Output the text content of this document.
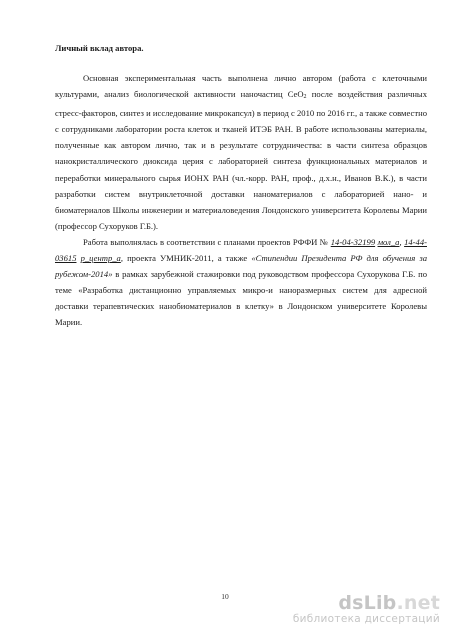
Личный вклад автора.

Основная экспериментальная часть выполнена лично автором (работа с клеточными культурами, анализ биологической активности наночастиц CeO2 после воздействия различных стресс-факторов, синтез и исследование микрокапсул) в период с 2010 по 2016 гг., а также совместно с сотрудниками лаборатории роста клеток и тканей ИТЭБ РАН. В работе использованы материалы, полученные как автором лично, так и в результате сотрудничества: в части синтеза образцов нанокристаллического диоксида церия с лабораторией синтеза функциональных материалов и переработки минерального сырья ИОНХ РАН (чл.-корр. РАН, проф., д.х.н., Иванов В.К.), в части разработки систем внутриклеточной доставки наноматериалов с лабораторией нано- и биоматериалов Школы инженерии и материаловедения Лондонского университета Королевы Марии (профессор Сухоруков Г.Б.).

Работа выполнялась в соответствии с планами проектов РФФИ № 14-04-32199 мол_а, 14-44-03615 р_центр_а, проекта УМНИК-2011, а также «Стипендии Президента РФ для обучения за рубежом-2014» в рамках зарубежной стажировки под руководством профессора Сухорукова Г.Б. по теме «Разработка дистанционно управляемых микро-и наноразмерных систем для адресной доставки терапевтических нанобиоматериалов в клетку» в Лондонском университете Королевы Марии.

10	dsLib.net
библиотека диссертаций
